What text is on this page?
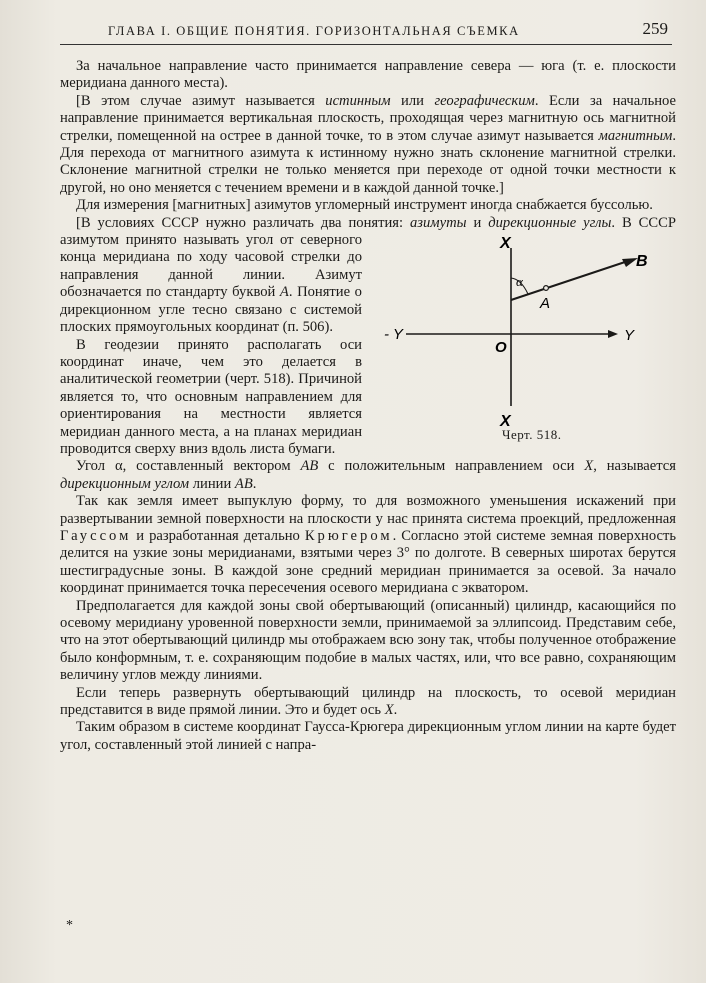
ГЛАВА I. ОБЩИЕ ПОНЯТИЯ. ГОРИЗОНТАЛЬНАЯ СЪЕМКА	259

За начальное направление часто принимается направление севера — юга (т. е. плоскости меридиана данного места).

[В этом случае азимут называется истинным или географическим. Если за начальное направление принимается вертикальная плоскость, проходящая через магнитную ось магнитной стрелки, помещенной на острее в данной точке, то в этом случае азимут называется магнитным. Для перехода от магнитного азимута к истинному нужно знать склонение магнитной стрелки. Склонение магнитной стрелки не только меняется при переходе от одной точки местности к другой, но оно меняется с течением времени и в каждой данной точке.]

Для измерения [магнитных] азимутов угломерный инструмент иногда снабжается буссолью.

[В условиях СССР нужно различать два понятия: азимуты и дирекционные углы. В СССР азимутом принято называть угол от северного	X
X
- Y	Y
O
α
A
B
Черт. 518.
конца меридиана по ходу часовой стрелки до направления данной линии. Азимут обозначается по стандарту буквой A. Понятие о дирекционном угле тесно связано с системой плоских прямоугольных координат (п. 506).

В геодезии принято располагать оси координат иначе, чем это делается в аналитической геометрии (черт. 518). Причиной является то, что основным направлением для ориентирования на местности является меридиан данного места, а на планах меридиан проводится сверху вниз вдоль листа бумаги.

Угол α, составленный вектором AB с положительным направлением оси X, называется дирекционным углом линии AB.

Так как земля имеет выпуклую форму, то для возможного уменьшения искажений при развертывании земной поверхности на плоскости у нас принята система проекций, предложенная Гауссом и разработанная детально Крюгером. Согласно этой системе земная поверхность делится на узкие зоны меридианами, взятыми через 3° по долготе. В северных широтах берутся шестиградусные зоны. В каждой зоне средний меридиан принимается за осевой. За начало координат принимается точка пересечения осевого меридиана с экватором.

Предполагается для каждой зоны свой обертывающий (описанный) цилиндр, касающийся по осевому меридиану уровенной поверхности земли, принимаемой за эллипсоид. Представим себе, что на этот обертывающий цилиндр мы отображаем всю зону так, чтобы полученное отображение было конформным, т. е. сохраняющим подобие в малых частях, или, что все равно, сохраняющим величину углов между линиями.

Если теперь развернуть обертывающий цилиндр на плоскость, то осевой меридиан представится в виде прямой линии. Это и будет ось X.

Таким образом в системе координат Гаусса-Крюгера дирекционным углом линии на карте будет угол, составленный этой линией с напра-

*
